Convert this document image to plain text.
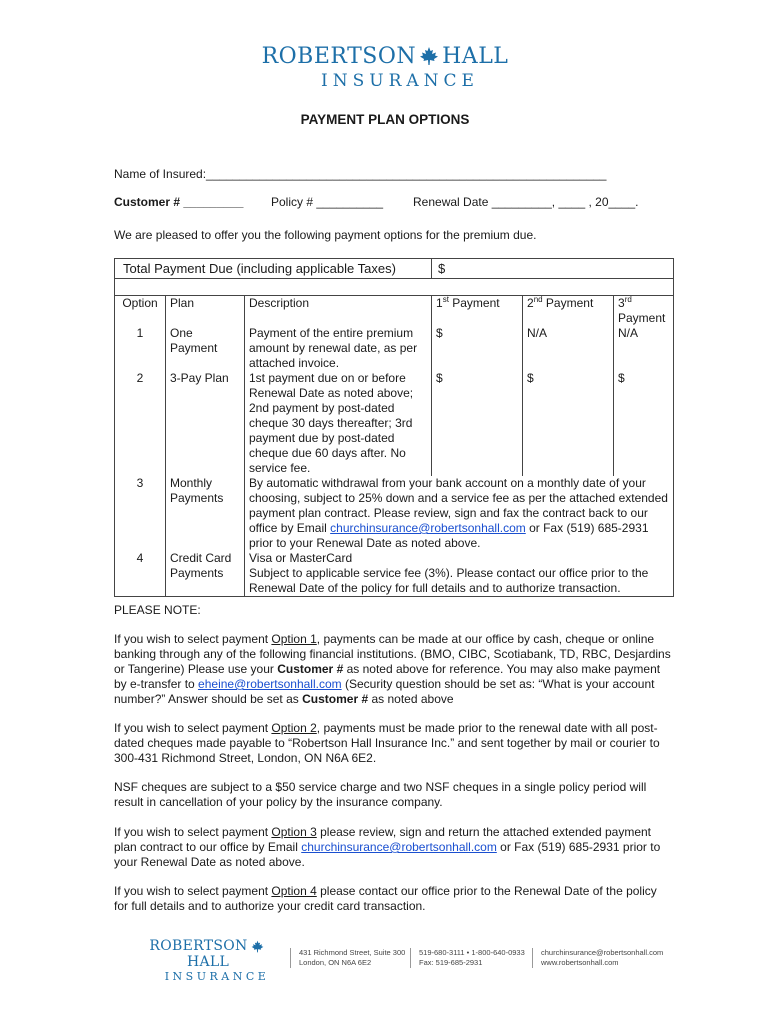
ROBERTSON HALL
INSURANCE
PAYMENT PLAN OPTIONS
Name of Insured:____________________________________________________________
Customer # _________ Policy # __________ Renewal Date _________, ____ , 20____.
We are pleased to offer you the following payment options for the premium due.
Total Payment Due (including applicable Taxes)			$		

Option	Plan	Description	1st Payment	2nd Payment	3rd Payment
1	One Payment	Payment of the entire premium amount by renewal date, as per attached invoice.	$	N/A	N/A
2	3-Pay Plan	1st payment due on or before Renewal Date as noted above; 2nd payment by post-dated cheque 30 days thereafter; 3rd payment due by post-dated cheque due 60 days after. No service fee.	$	$	$
3	Monthly Payments	By automatic withdrawal from your bank account on a monthly date of your choosing, subject to 25% down and a service fee as per the attached extended payment plan contract. Please review, sign and fax the contract back to our office by Email churchinsurance@robertsonhall.com or Fax (519) 685-2931 prior to your Renewal Date as noted above.			
4	Credit Card Payments	Visa or MasterCard
Subject to applicable service fee (3%). Please contact our office prior to the Renewal Date of the policy for full details and to authorize transaction.			
PLEASE NOTE:
If you wish to select payment Option 1, payments can be made at our office by cash, cheque or online banking through any of the following financial institutions. (BMO, CIBC, Scotiabank, TD, RBC, Desjardins or Tangerine) Please use your Customer # as noted above for reference. You may also make payment by e-transfer to eheine@robertsonhall.com (Security question should be set as: “What is your account number?” Answer should be set as Customer # as noted above
If you wish to select payment Option 2, payments must be made prior to the renewal date with all post-dated cheques made payable to “Robertson Hall Insurance Inc.” and sent together by mail or courier to 300-431 Richmond Street, London, ON N6A 6E2.
NSF cheques are subject to a $50 service charge and two NSF cheques in a single policy period will result in cancellation of your policy by the insurance company.
If you wish to select payment Option 3 please review, sign and return the attached extended payment plan contract to our office by Email churchinsurance@robertsonhall.com or Fax (519) 685-2931 prior to your Renewal Date as noted above.
If you wish to select payment Option 4 please contact our office prior to the Renewal Date of the policy for full details and to authorize your credit card transaction.
ROBERTSONHALL
INSURANCE
431 Richmond Street, Suite 300
London, ON N6A 6E2
519-680-3111 • 1-800-640-0933
Fax: 519-685-2931
churchinsurance@robertsonhall.com
www.robertsonhall.com
